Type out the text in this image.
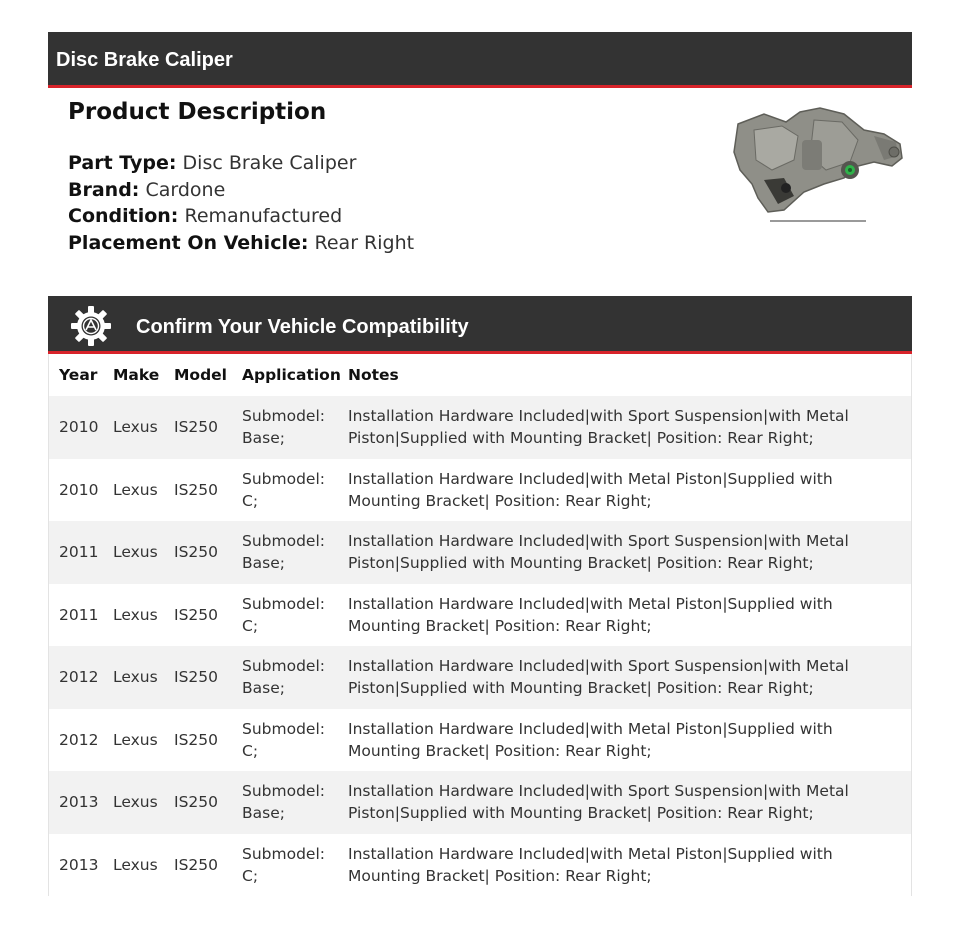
Disc Brake Caliper
Product Description
Part Type: Disc Brake Caliper
Brand: Cardone
Condition: Remanufactured
Placement On Vehicle: Rear Right
Confirm Your Vehicle Compatibility
Year	Make	Model	Application	Notes
2010	Lexus	IS250	Submodel: Base;	Installation Hardware Included|with Sport Suspension|with Metal Piston|Supplied with Mounting Bracket| Position: Rear Right;
2010	Lexus	IS250	Submodel: C;	Installation Hardware Included|with Metal Piston|Supplied with Mounting Bracket| Position: Rear Right;
2011	Lexus	IS250	Submodel: Base;	Installation Hardware Included|with Sport Suspension|with Metal Piston|Supplied with Mounting Bracket| Position: Rear Right;
2011	Lexus	IS250	Submodel: C;	Installation Hardware Included|with Metal Piston|Supplied with Mounting Bracket| Position: Rear Right;
2012	Lexus	IS250	Submodel: Base;	Installation Hardware Included|with Sport Suspension|with Metal Piston|Supplied with Mounting Bracket| Position: Rear Right;
2012	Lexus	IS250	Submodel: C;	Installation Hardware Included|with Metal Piston|Supplied with Mounting Bracket| Position: Rear Right;
2013	Lexus	IS250	Submodel: Base;	Installation Hardware Included|with Sport Suspension|with Metal Piston|Supplied with Mounting Bracket| Position: Rear Right;
2013	Lexus	IS250	Submodel: C;	Installation Hardware Included|with Metal Piston|Supplied with Mounting Bracket| Position: Rear Right;
